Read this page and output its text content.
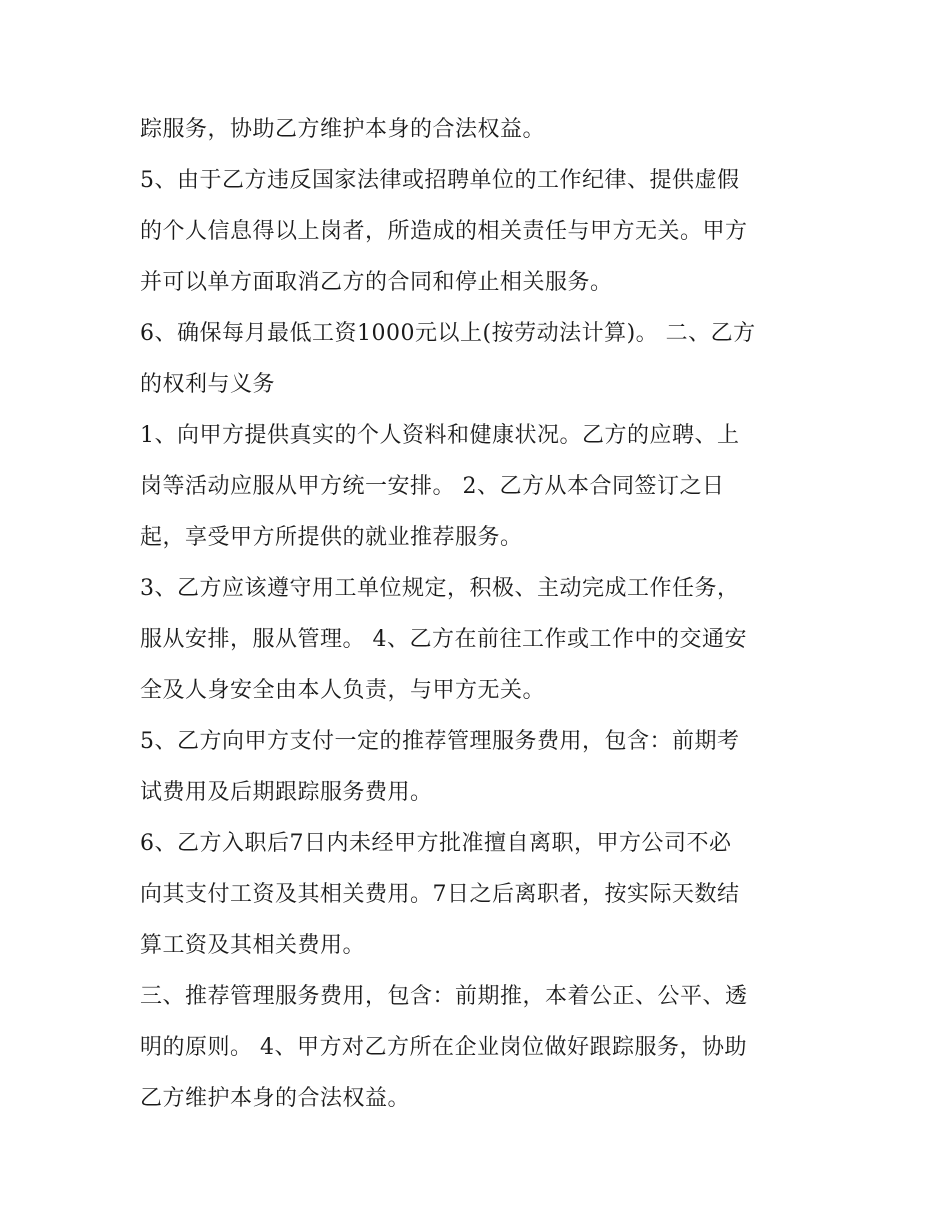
踪服务，协助乙方维护本身的合法权益。
5、由于乙方违反国家法律或招聘单位的工作纪律、提供虚假
的个人信息得以上岗者，所造成的相关责任与甲方无关。甲方
并可以单方面取消乙方的合同和停止相关服务。
6、确保每月最低工资1000元以上(按劳动法计算)。 二、乙方
的权利与义务
1、向甲方提供真实的个人资料和健康状况。乙方的应聘、上
岗等活动应服从甲方统一安排。 2、乙方从本合同签订之日
起，享受甲方所提供的就业推荐服务。
3、乙方应该遵守用工单位规定，积极、主动完成工作任务，
服从安排，服从管理。 4、乙方在前往工作或工作中的交通安
全及人身安全由本人负责，与甲方无关。
5、乙方向甲方支付一定的推荐管理服务费用，包含：前期考
试费用及后期跟踪服务费用。
6、乙方入职后7日内未经甲方批准擅自离职，甲方公司不必
向其支付工资及其相关费用。7日之后离职者，按实际天数结
算工资及其相关费用。
三、推荐管理服务费用，包含：前期推，本着公正、公平、透
明的原则。 4、甲方对乙方所在企业岗位做好跟踪服务，协助
乙方维护本身的合法权益。
